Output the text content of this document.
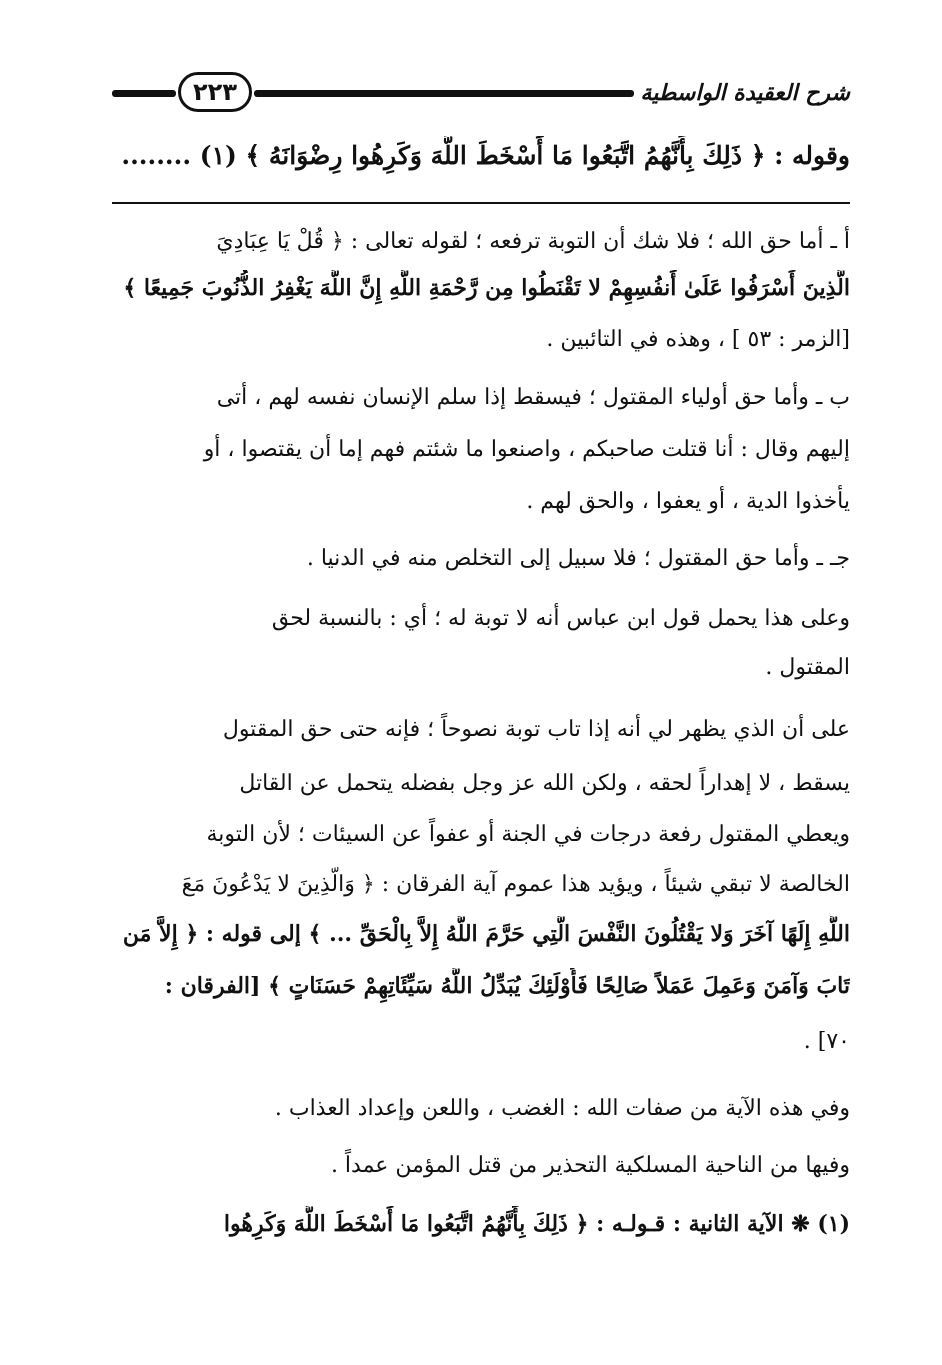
٢٢٣	شرح العقيدة الواسطية
وقوله : ﴿ ذَلِكَ بِأَنَّهُمُ اتَّبَعُوا مَا أَسْخَطَ اللَّهَ وَكَرِهُوا رِضْوَانَهُ ﴾ (١) ........
أ ـ أما حق الله ؛ فلا شك أن التوبة ترفعه ؛ لقوله تعالى : ﴿ قُلْ يَا عِبَادِيَ
الَّذِينَ أَسْرَفُوا عَلَىٰ أَنفُسِهِمْ لا تَقْنَطُوا مِن رَّحْمَةِ اللَّهِ إِنَّ اللَّهَ يَغْفِرُ الذُّنُوبَ جَمِيعًا ﴾
[الزمر : ٥٣ ] ، وهذه في التائبين .
ب ـ وأما حق أولياء المقتول ؛ فيسقط إذا سلم الإنسان نفسه لهم ، أتى
إليهم وقال : أنا قتلت صاحبكم ، واصنعوا ما شئتم فهم إما أن يقتصوا ، أو
يأخذوا الدية ، أو يعفوا ، والحق لهم .
جـ ـ وأما حق المقتول ؛ فلا سبيل إلى التخلص منه في الدنيا .
وعلى هذا يحمل قول ابن عباس أنه لا توبة له ؛ أي : بالنسبة لحق
المقتول .
على أن الذي يظهر لي أنه إذا تاب توبة نصوحاً ؛ فإنه حتى حق المقتول
يسقط ، لا إهداراً لحقه ، ولكن الله عز وجل بفضله يتحمل عن القاتل
ويعطي المقتول رفعة درجات في الجنة أو عفواً عن السيئات ؛ لأن التوبة
الخالصة لا تبقي شيئاً ، ويؤيد هذا عموم آية الفرقان : ﴿ وَالَّذِينَ لا يَدْعُونَ مَعَ
اللَّهِ إِلَهًا آخَرَ وَلا يَقْتُلُونَ النَّفْسَ الَّتِي حَرَّمَ اللَّهُ إِلاَّ بِالْحَقِّ ... ﴾ إلى قوله : ﴿ إِلاَّ مَن
تَابَ وَآمَنَ وَعَمِلَ عَمَلاً صَالِحًا فَأُوْلَئِكَ يُبَدِّلُ اللَّهُ سَيِّئَاتِهِمْ حَسَنَاتٍ ﴾ [الفرقان :
٧٠] .
وفي هذه الآية من صفات الله : الغضب ، واللعن وإعداد العذاب .
وفيها من الناحية المسلكية التحذير من قتل المؤمن عمداً .
(١) ❋ الآية الثانية : قـولـه : ﴿ ذَلِكَ بِأَنَّهُمُ اتَّبَعُوا مَا أَسْخَطَ اللَّهَ وَكَرِهُوا
